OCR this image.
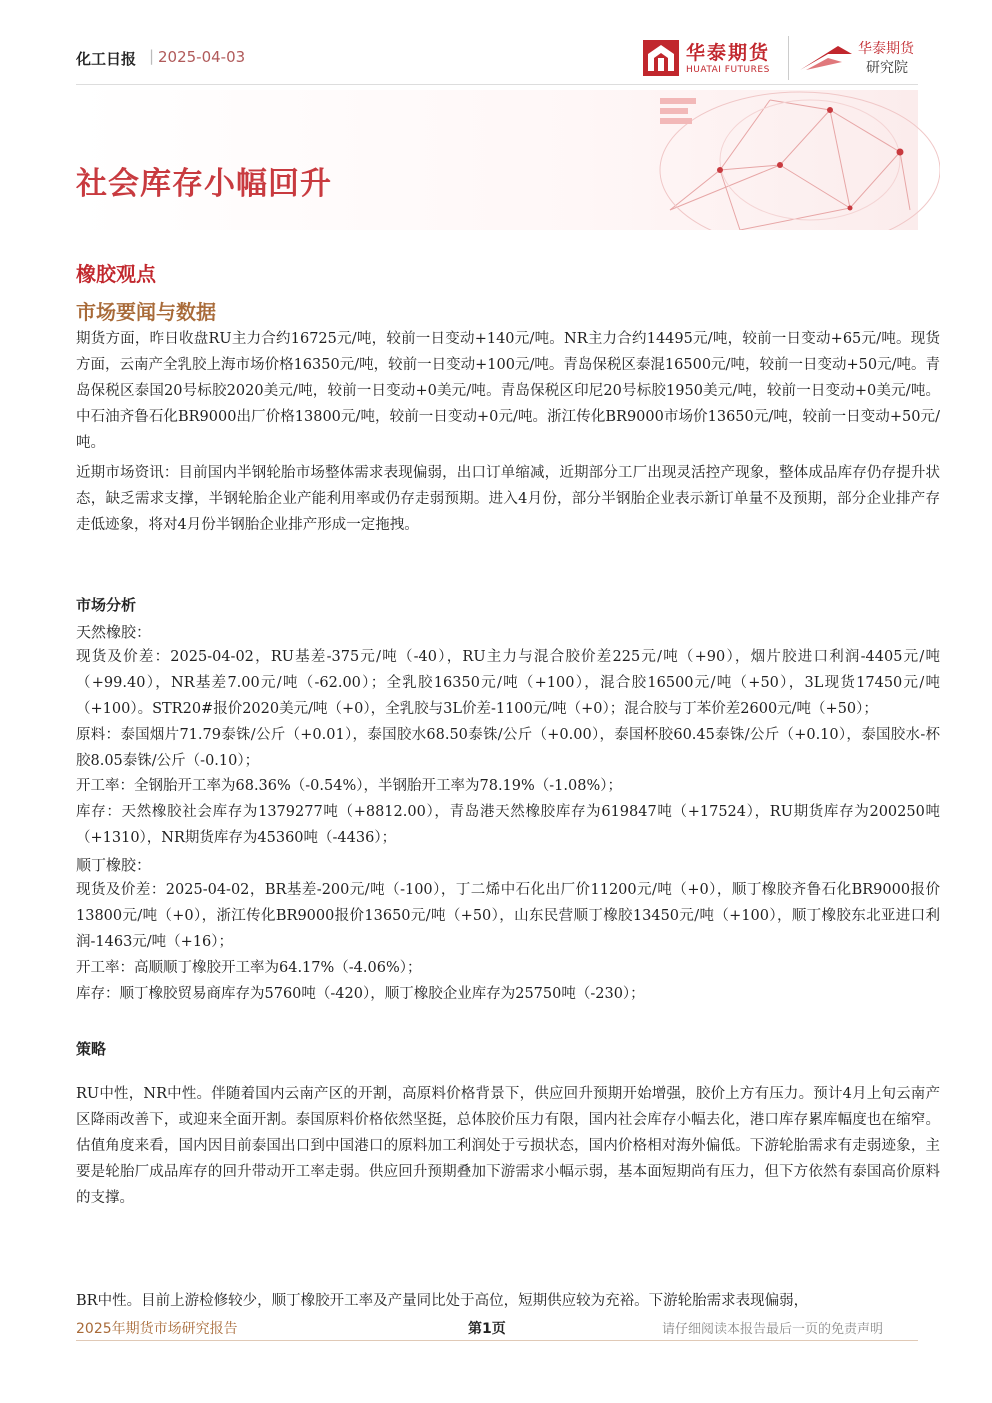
化工日报 | 2025-04-03	华泰期货
HUATAI FUTURES
华泰期货
研究院
社会库存小幅回升
橡胶观点
市场要闻与数据

期货方面，昨日收盘RU主力合约16725元/吨，较前一日变动+140元/吨。NR主力合约14495元/吨，较前一日变动+65元/吨。现货方面，云南产全乳胶上海市场价格16350元/吨，较前一日变动+100元/吨。青岛保税区泰混16500元/吨，较前一日变动+50元/吨。青岛保税区泰国20号标胶2020美元/吨，较前一日变动+0美元/吨。青岛保税区印尼20号标胶1950美元/吨，较前一日变动+0美元/吨。中石油齐鲁石化BR9000出厂价格13800元/吨，较前一日变动+0元/吨。浙江传化BR9000市场价13650元/吨，较前一日变动+50元/吨。

近期市场资讯：目前国内半钢轮胎市场整体需求表现偏弱，出口订单缩减，近期部分工厂出现灵活控产现象，整体成品库存仍存提升状态，缺乏需求支撑，半钢轮胎企业产能利用率或仍存走弱预期。进入4月份，部分半钢胎企业表示新订单量不及预期，部分企业排产存走低迹象，将对4月份半钢胎企业排产形成一定拖拽。

市场分析
天然橡胶：

现货及价差：2025-04-02，RU基差-375元/吨（-40），RU主力与混合胶价差225元/吨（+90），烟片胶进口利润-4405元/吨（+99.40），NR基差7.00元/吨（-62.00）；全乳胶16350元/吨（+100），混合胶16500元/吨（+50），3L现货17450元/吨（+100）。STR20#报价2020美元/吨（+0），全乳胶与3L价差-1100元/吨（+0）；混合胶与丁苯价差2600元/吨（+50）；

原料：泰国烟片71.79泰铢/公斤（+0.01），泰国胶水68.50泰铢/公斤（+0.00），泰国杯胶60.45泰铢/公斤（+0.10），泰国胶水-杯胶8.05泰铢/公斤（-0.10）；

开工率：全钢胎开工率为68.36%（-0.54%），半钢胎开工率为78.19%（-1.08%）；

库存：天然橡胶社会库存为1379277吨（+8812.00），青岛港天然橡胶库存为619847吨（+17524），RU期货库存为200250吨（+1310），NR期货库存为45360吨（-4436）；

顺丁橡胶：

现货及价差：2025-04-02，BR基差-200元/吨（-100），丁二烯中石化出厂价11200元/吨（+0），顺丁橡胶齐鲁石化BR9000报价13800元/吨（+0），浙江传化BR9000报价13650元/吨（+50），山东民营顺丁橡胶13450元/吨（+100），顺丁橡胶东北亚进口利润-1463元/吨（+16）；

开工率：高顺顺丁橡胶开工率为64.17%（-4.06%）；

库存：顺丁橡胶贸易商库存为5760吨（-420），顺丁橡胶企业库存为25750吨（-230）；

策略

RU中性，NR中性。伴随着国内云南产区的开割，高原料价格背景下，供应回升预期开始增强，胶价上方有压力。预计4月上旬云南产区降雨改善下，或迎来全面开割。泰国原料价格依然坚挺，总体胶价压力有限，国内社会库存小幅去化，港口库存累库幅度也在缩窄。估值角度来看，国内因目前泰国出口到中国港口的原料加工利润处于亏损状态，国内价格相对海外偏低。下游轮胎需求有走弱迹象，主要是轮胎厂成品库存的回升带动开工率走弱。供应回升预期叠加下游需求小幅示弱，基本面短期尚有压力，但下方依然有泰国高价原料的支撑。

2025年期货市场研究报告	第1页	请仔细阅读本报告最后一页的免责声明

BR中性。目前上游检修较少，顺丁橡胶开工率及产量同比处于高位，短期供应较为充裕。下游轮胎需求表现偏弱，
